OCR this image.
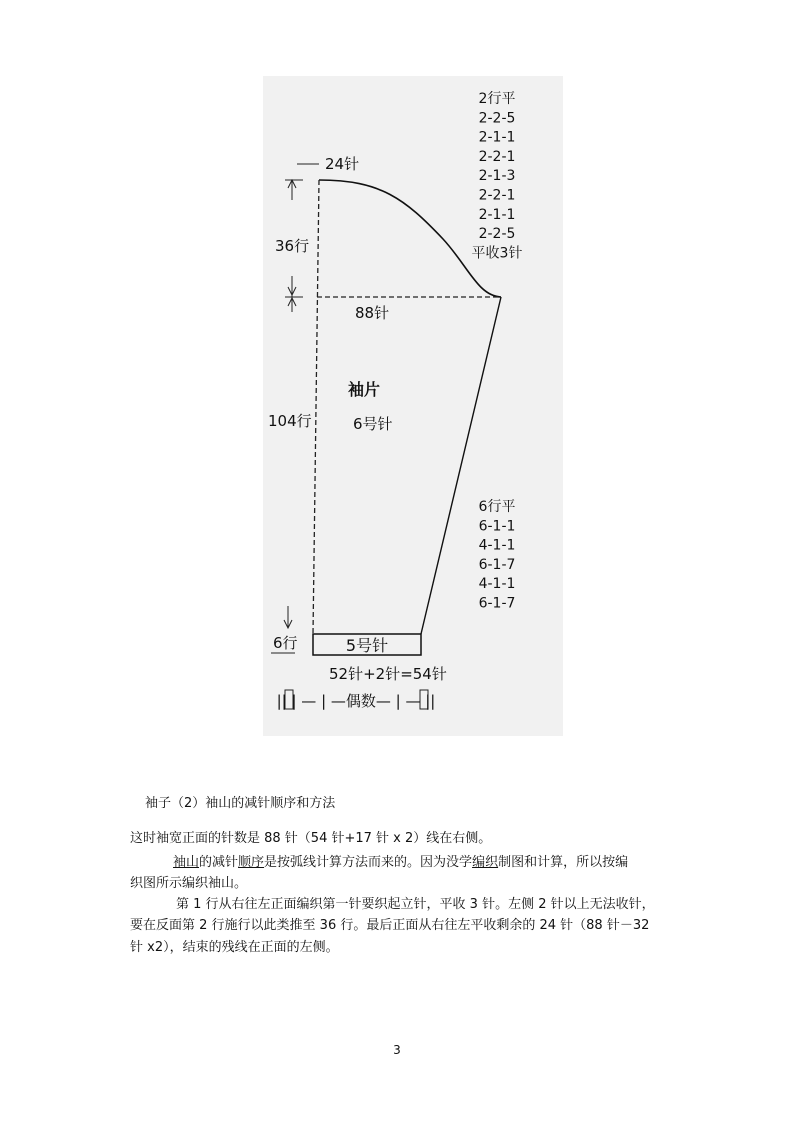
2行平 2-2-5 2-1-1 2-2-1 2-1-3 2-2-1 2-1-1 2-2-5 平收3针
24针
36行
88针
袖片
6号针
104行
6行平 6-1-1 4-1-1 6-1-7 4-1-1 6-1-7
6行	5号针
52针+2针=54针
|| | — | —偶数— | — ||
袖子（2）袖山的减针顺序和方法
这时袖宽正面的针数是 88 针（54 针+17 针 x 2）线在右侧。
袖山的减针顺序是按弧线计算方法而来的。因为没学编织制图和计算，所以按编
织图所示编织袖山。
第 1 行从右往左正面编织第一针要织起立针，平收 3 针。左侧 2 针以上无法收针，
要在反面第 2 行施行以此类推至 36 行。最后正面从右往左平收剩余的 24 针（88 针－32
针 x2），结束的残线在正面的左侧。
3
